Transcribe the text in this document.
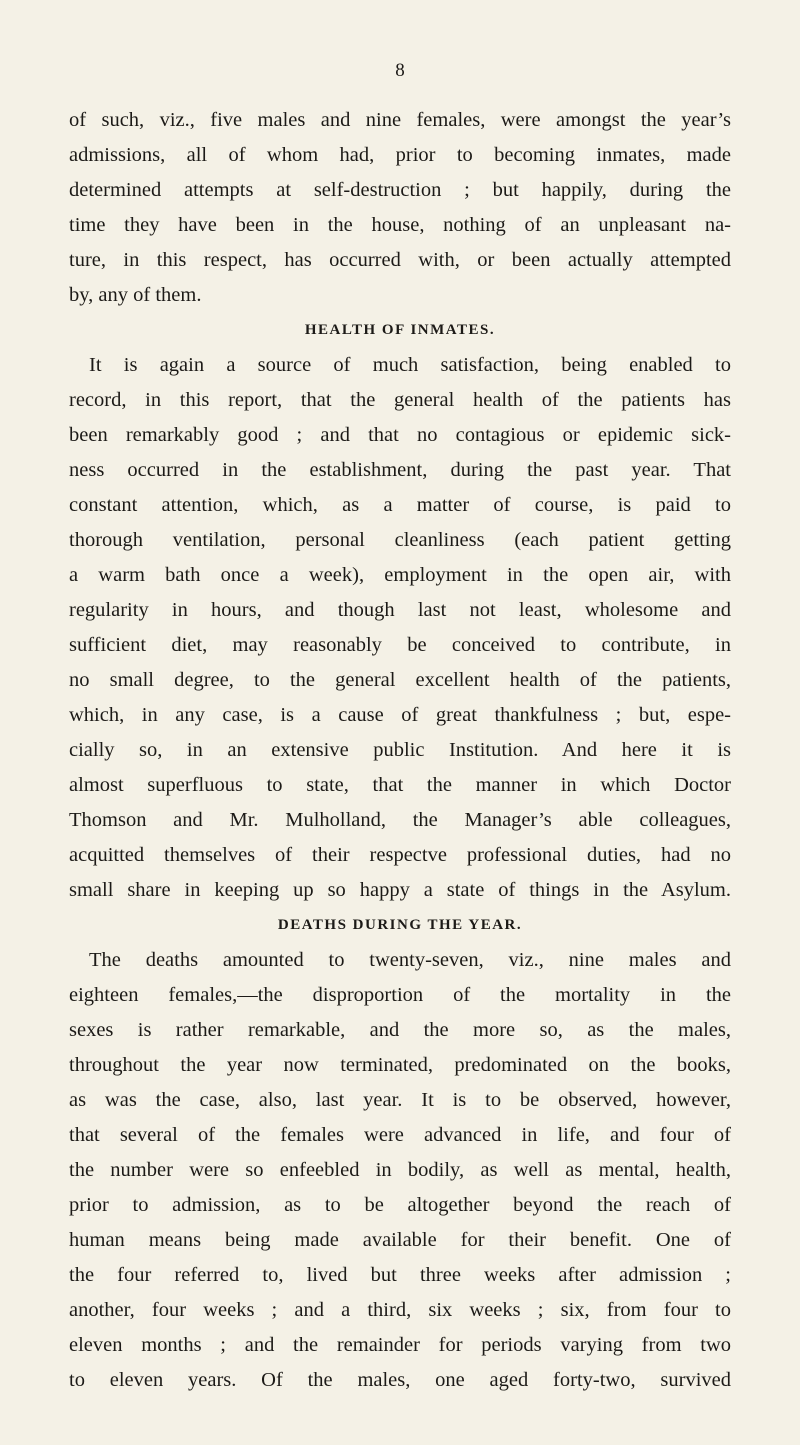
8
of such, viz., five males and nine females, were amongst the year’s
admissions, all of whom had, prior to becoming inmates, made
determined attempts at self-destruction ; but happily, during the
time they have been in the house, nothing of an unpleasant na-
ture, in this respect, has occurred with, or been actually attempted
by, any of them.
HEALTH OF INMATES.
It is again a source of much satisfaction, being enabled to
record, in this report, that the general health of the patients has
been remarkably good ; and that no contagious or epidemic sick-
ness occurred in the establishment, during the past year. That
constant attention, which, as a matter of course, is paid to
thorough ventilation, personal cleanliness (each patient getting
a warm bath once a week), employment in the open air, with
regularity in hours, and though last not least, wholesome and
sufficient diet, may reasonably be conceived to contribute, in
no small degree, to the general excellent health of the patients,
which, in any case, is a cause of great thankfulness ; but, espe-
cially so, in an extensive public Institution. And here it is
almost superfluous to state, that the manner in which Doctor
Thomson and Mr. Mulholland, the Manager’s able colleagues,
acquitted themselves of their respectve professional duties, had no
small share in keeping up so happy a state of things in the Asylum.
DEATHS DURING THE YEAR.
The deaths amounted to twenty-seven, viz., nine males and
eighteen females,—the disproportion of the mortality in the
sexes is rather remarkable, and the more so, as the males,
throughout the year now terminated, predominated on the books,
as was the case, also, last year. It is to be observed, however,
that several of the females were advanced in life, and four of
the number were so enfeebled in bodily, as well as mental, health,
prior to admission, as to be altogether beyond the reach of
human means being made available for their benefit. One of
the four referred to, lived but three weeks after admission ;
another, four weeks ; and a third, six weeks ; six, from four to
eleven months ; and the remainder for periods varying from two
to eleven years. Of the males, one aged forty-two, survived
